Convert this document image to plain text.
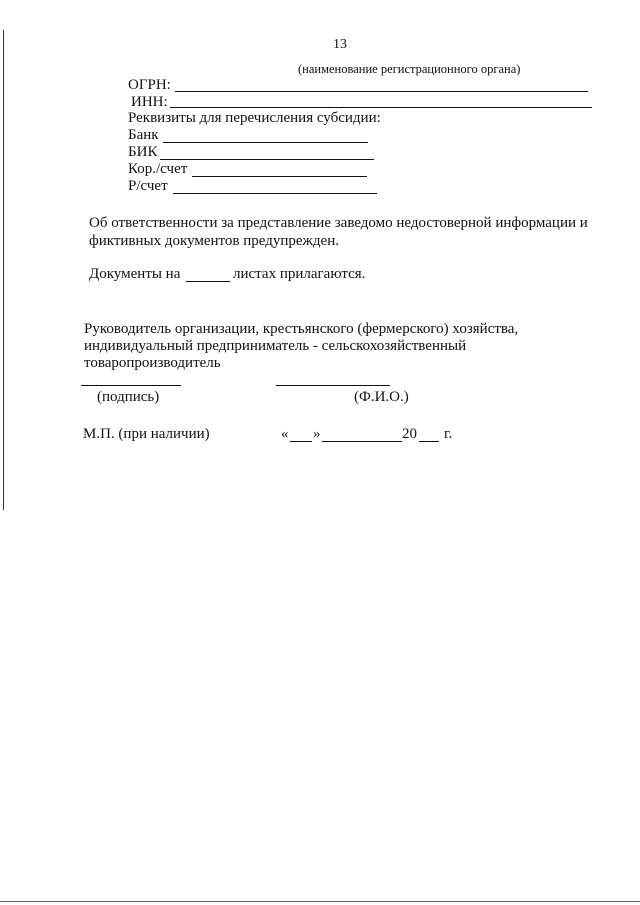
13
(наименование регистрационного органа)
ОГРН:
ИНН:
Реквизиты для перечисления субсидии:
Банк
БИК
Кор./счет
Р/счет
Об ответственности за представление заведомо недостоверной информации и
фиктивных документов предупрежден.
Документы на	листах прилагаются.
Руководитель организации, крестьянского (фермерского) хозяйства,
индивидуальный предприниматель - сельскохозяйственный
товаропроизводитель
(подпись)	(Ф.И.О.)
М.П. (при наличии)	« »	20 г.
